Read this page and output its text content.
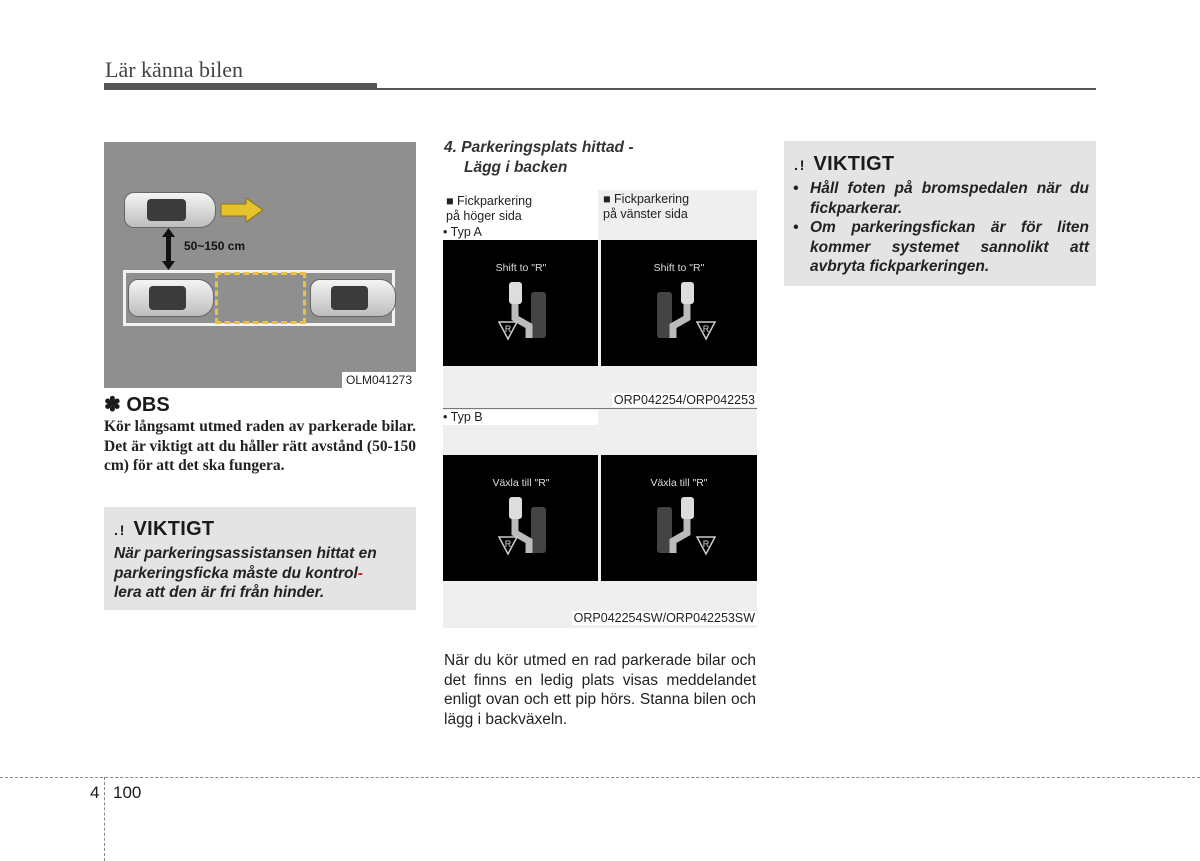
Lär känna bilen
50~150 cm
OLM041273
✽ OBS
Kör långsamt utmed raden av parkerade bilar. Det är viktigt att du håller rätt avstånd (50-150 cm) för att det ska fungera.
. ! VIKTIGT
När parkeringsassistansen hittat en parkeringsficka måste du kontrol-
lera att den är fri från hinder.
4. Parkeringsplats hittad -
Lägg i backen
■ Fickparkering
på höger sida
■ Fickparkering
på vänster sida
• Typ A
Shift to "R"
R
Shift to "R"
R
ORP042254/ORP042253
• Typ B
Växla till "R"
R
Växla till "R"
R
ORP042254SW/ORP042253SW
När du kör utmed en rad parkerade bilar och det finns en ledig plats visas meddelandet enligt ovan och ett pip hörs. Stanna bilen och lägg i backväxeln.
. ! VIKTIGT
• Håll foten på bromspedalen när du fickparkerar.
• Om parkeringsfickan är för liten kommer systemet sannolikt att avbryta fickparkeringen.
4 100
